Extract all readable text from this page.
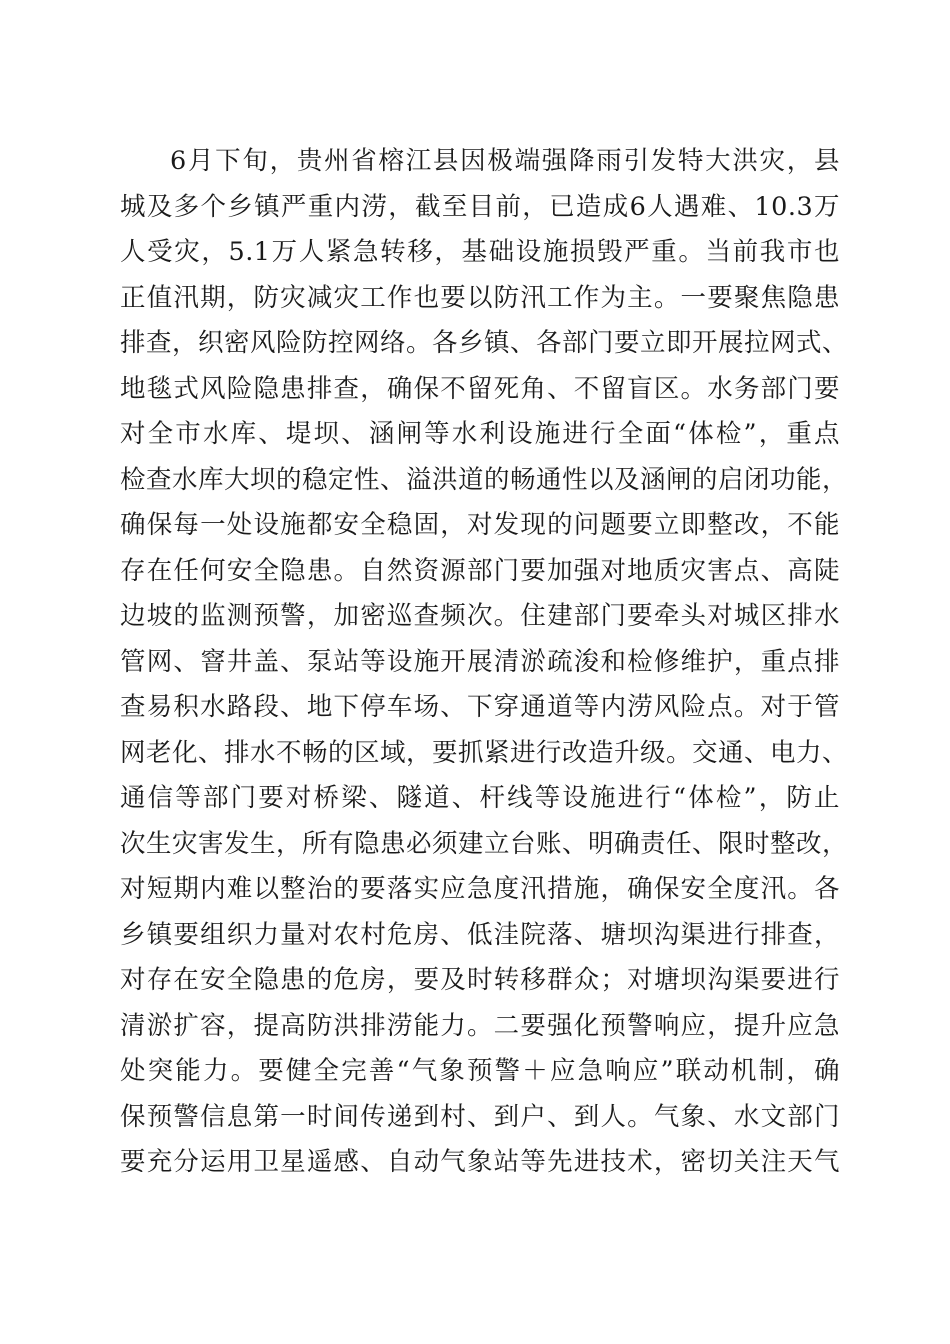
6月下旬，贵州省榕江县因极端强降雨引发特大洪灾，县
城及多个乡镇严重内涝，截至目前，已造成6人遇难、10.3万
人受灾，5.1万人紧急转移，基础设施损毁严重。当前我市也
正值汛期，防灾减灾工作也要以防汛工作为主。一要聚焦隐患
排查，织密风险防控网络。各乡镇、各部门要立即开展拉网式、
地毯式风险隐患排查，确保不留死角、不留盲区。水务部门要
对全市水库、堤坝、涵闸等水利设施进行全面“体检”，重点
检查水库大坝的稳定性、溢洪道的畅通性以及涵闸的启闭功能，
确保每一处设施都安全稳固，对发现的问题要立即整改，不能
存在任何安全隐患。自然资源部门要加强对地质灾害点、高陡
边坡的监测预警，加密巡查频次。住建部门要牵头对城区排水
管网、窨井盖、泵站等设施开展清淤疏浚和检修维护，重点排
查易积水路段、地下停车场、下穿通道等内涝风险点。对于管
网老化、排水不畅的区域，要抓紧进行改造升级。交通、电力、
通信等部门要对桥梁、隧道、杆线等设施进行“体检”，防止
次生灾害发生，所有隐患必须建立台账、明确责任、限时整改，
对短期内难以整治的要落实应急度汛措施，确保安全度汛。各
乡镇要组织力量对农村危房、低洼院落、塘坝沟渠进行排查，
对存在安全隐患的危房，要及时转移群众；对塘坝沟渠要进行
清淤扩容，提高防洪排涝能力。二要强化预警响应，提升应急
处突能力。要健全完善“气象预警＋应急响应”联动机制，确
保预警信息第一时间传递到村、到户、到人。气象、水文部门
要充分运用卫星遥感、自动气象站等先进技术，密切关注天气
